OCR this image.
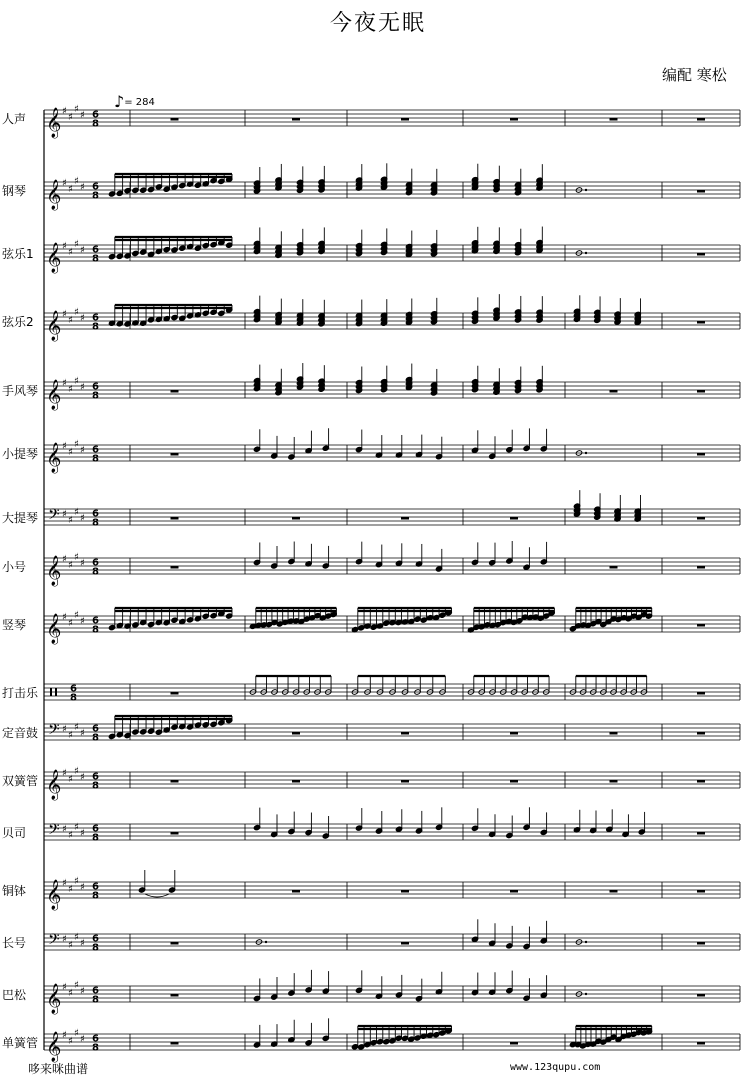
今夜无眠
编配 寒松
♪= 284
人声
钢琴
弦乐1
弦乐2
手风琴
小提琴
大提琴
小号
竖琴
打击乐
定音鼓
双簧管
贝司
铜钵
长号
巴松
单簧管
𝄞 ♯
♯
♯
♯ 6
8
𝄞 ♯
♯
♯
♯ 6
8
𝄞 ♯
♯
♯
♯ 6
8
𝄞 ♯
♯
♯
♯ 6
8
𝄞 ♯
♯
♯
♯ 6
8
𝄞 ♯
♯
♯
♯ 6
8
𝄢 ♯
♯
♯
♯ 6
8
𝄞 ♯
♯
♯
♯ 6
8
𝄞 ♯
♯
♯
♯ 6
8
6
8
𝄢 ♯
♯
♯
♯ 6
8
𝄞 ♯
♯
♯
♯ 6
8
𝄢 ♯
♯
♯
♯ 6
8
𝄞 ♯
♯
♯
♯ 6
8
𝄢 ♯
♯
♯
♯ 6
8
𝄞 ♯
♯
♯
♯ 6
8
𝄞 ♯
♯
♯
♯ 6
8
哆来咪曲谱	www.123qupu.com
